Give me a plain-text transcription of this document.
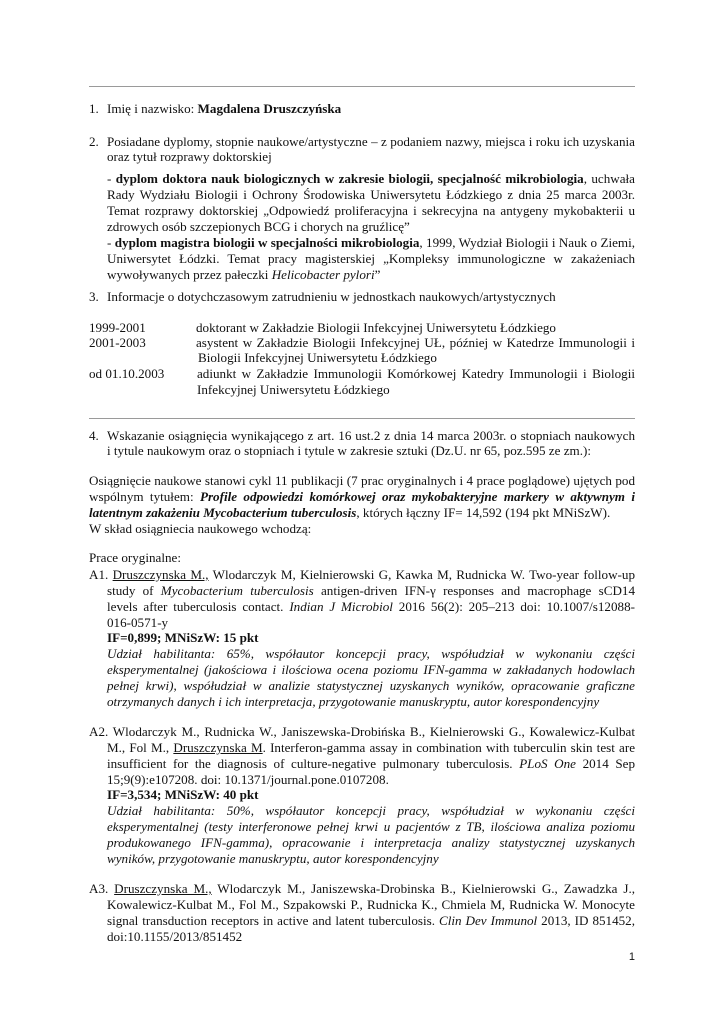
1. Imię i nazwisko: Magdalena Druszczyńska
2. Posiadane dyplomy, stopnie naukowe/artystyczne – z podaniem nazwy, miejsca i roku ich uzyskania
oraz tytuł rozprawy doktorskiej
- dyplom doktora nauk biologicznych w zakresie biologii, specjalność mikrobiologia, uchwała
Rady Wydziału Biologii i Ochrony Środowiska Uniwersytetu Łódzkiego z dnia 25 marca 2003r.
Temat rozprawy doktorskiej „Odpowiedź proliferacyjna i sekrecyjna na antygeny mykobakterii u
zdrowych osób szczepionych BCG i chorych na gruźlicę”
- dyplom magistra biologii w specjalności mikrobiologia, 1999, Wydział Biologii i Nauk o Ziemi,
Uniwersytet Łódzki. Temat pracy magisterskiej „Kompleksy immunologiczne w zakażeniach
wywoływanych przez pałeczki Helicobacter pylori”
3. Informacje o dotychczasowym zatrudnieniu w jednostkach naukowych/artystycznych
1999-2001	doktorant w Zakładzie Biologii Infekcyjnej Uniwersytetu Łódzkiego
2001-2003	asystent w Zakładzie Biologii Infekcyjnej UŁ, później w Katedrze Immunologii i
Biologii Infekcyjnej Uniwersytetu Łódzkiego
od 01.10.2003 adiunkt w Zakładzie Immunologii Komórkowej Katedry Immunologii i Biologii
Infekcyjnej Uniwersytetu Łódzkiego
4. Wskazanie osiągnięcia wynikającego z art. 16 ust.2 z dnia 14 marca 2003r. o stopniach naukowych
i tytule naukowym oraz o stopniach i tytule w zakresie sztuki (Dz.U. nr 65, poz.595 ze zm.):
Osiągnięcie naukowe stanowi cykl 11 publikacji (7 prac oryginalnych i 4 prace poglądowe) ujętych pod
wspólnym tytułem: Profile odpowiedzi komórkowej oraz mykobakteryjne markery w aktywnym i
latentnym zakażeniu Mycobacterium tuberculosis, których łączny IF= 14,592 (194 pkt MNiSzW).
W skład osiągniecia naukowego wchodzą:
Prace oryginalne:
A1. Druszczynska M., Wlodarczyk M, Kielnierowski G, Kawka M, Rudnicka W. Two-year follow-up
study of Mycobacterium tuberculosis antigen-driven IFN-γ responses and macrophage sCD14
levels after tuberculosis contact. Indian J Microbiol 2016 56(2): 205–213 doi: 10.1007/s12088-
016-0571-y
IF=0,899; MNiSzW: 15 pkt
Udział habilitanta: 65%, współautor koncepcji pracy, współudział w wykonaniu części
eksperymentalnej (jakościowa i ilościowa ocena poziomu IFN-gamma w zakładanych hodowlach
pełnej krwi), współudział w analizie statystycznej uzyskanych wyników, opracowanie graficzne
otrzymanych danych i ich interpretacja, przygotowanie manuskryptu, autor korespondencyjny
A2. Wlodarczyk M., Rudnicka W., Janiszewska-Drobińska B., Kielnierowski G., Kowalewicz-Kulbat
M., Fol M., Druszczynska M. Interferon-gamma assay in combination with tuberculin skin test are
insufficient for the diagnosis of culture-negative pulmonary tuberculosis. PLoS One 2014 Sep
15;9(9):e107208. doi: 10.1371/journal.pone.0107208.
IF=3,534; MNiSzW: 40 pkt
Udział habilitanta: 50%, współautor koncepcji pracy, współudział w wykonaniu części
eksperymentalnej (testy interferonowe pełnej krwi u pacjentów z TB, ilościowa analiza poziomu
produkowanego IFN-gamma), opracowanie i interpretacja analizy statystycznej uzyskanych
wyników, przygotowanie manuskryptu, autor korespondencyjny
A3. Druszczynska M., Wlodarczyk M., Janiszewska-Drobinska B., Kielnierowski G., Zawadzka J.,
Kowalewicz-Kulbat M., Fol M., Szpakowski P., Rudnicka K., Chmiela M, Rudnicka W. Monocyte
signal transduction receptors in active and latent tuberculosis. Clin Dev Immunol 2013, ID 851452,
doi:10.1155/2013/851452
1
